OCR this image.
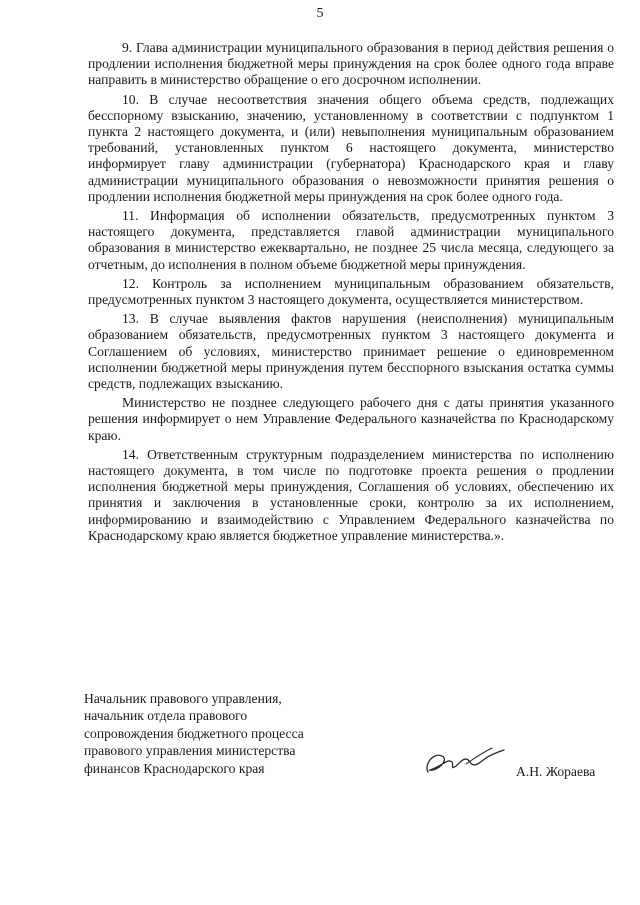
5

9. Глава администрации муниципального образования в период действия решения о продлении исполнения бюджетной меры принуждения на срок более одного года вправе направить в министерство обращение о его досрочном исполнении.

10. В случае несоответствия значения общего объема средств, подлежащих бесспорному взысканию, значению, установленному в соответствии с подпунктом 1 пункта 2 настоящего документа, и (или) невыполнения муниципальным образованием требований, установленных пунктом 6 настоящего документа, министерство информирует главу администрации (губернатора) Краснодарского края и главу администрации муниципального образования о невозможности принятия решения о продлении исполнения бюджетной меры принуждения на срок более одного года.

11. Информация об исполнении обязательств, предусмотренных пунктом 3 настоящего документа, представляется главой администрации муниципального образования в министерство ежеквартально, не позднее 25 числа месяца, следующего за отчетным, до исполнения в полном объеме бюджетной меры принуждения.

12. Контроль за исполнением муниципальным образованием обязательств, предусмотренных пунктом 3 настоящего документа, осуществляется министерством.

13. В случае выявления фактов нарушения (неисполнения) муниципальным образованием обязательств, предусмотренных пунктом 3 настоящего документа и Соглашением об условиях, министерство принимает решение о единовременном исполнении бюджетной меры принуждения путем бесспорного взыскания остатка суммы средств, подлежащих взысканию.

Министерство не позднее следующего рабочего дня с даты принятия указанного решения информирует о нем Управление Федерального казначейства по Краснодарскому краю.

14. Ответственным структурным подразделением министерства по исполнению настоящего документа, в том числе по подготовке проекта решения о продлении исполнения бюджетной меры принуждения, Соглашения об условиях, обеспечению их принятия и заключения в установленные сроки, контролю за их исполнением, информированию и взаимодействию с Управлением Федерального казначейства по Краснодарскому краю является бюджетное управление министерства.».

Начальник правового управления,
начальник отдела правового
сопровождения бюджетного процесса
правового управления министерства
финансов Краснодарского края	А.Н. Жораева
